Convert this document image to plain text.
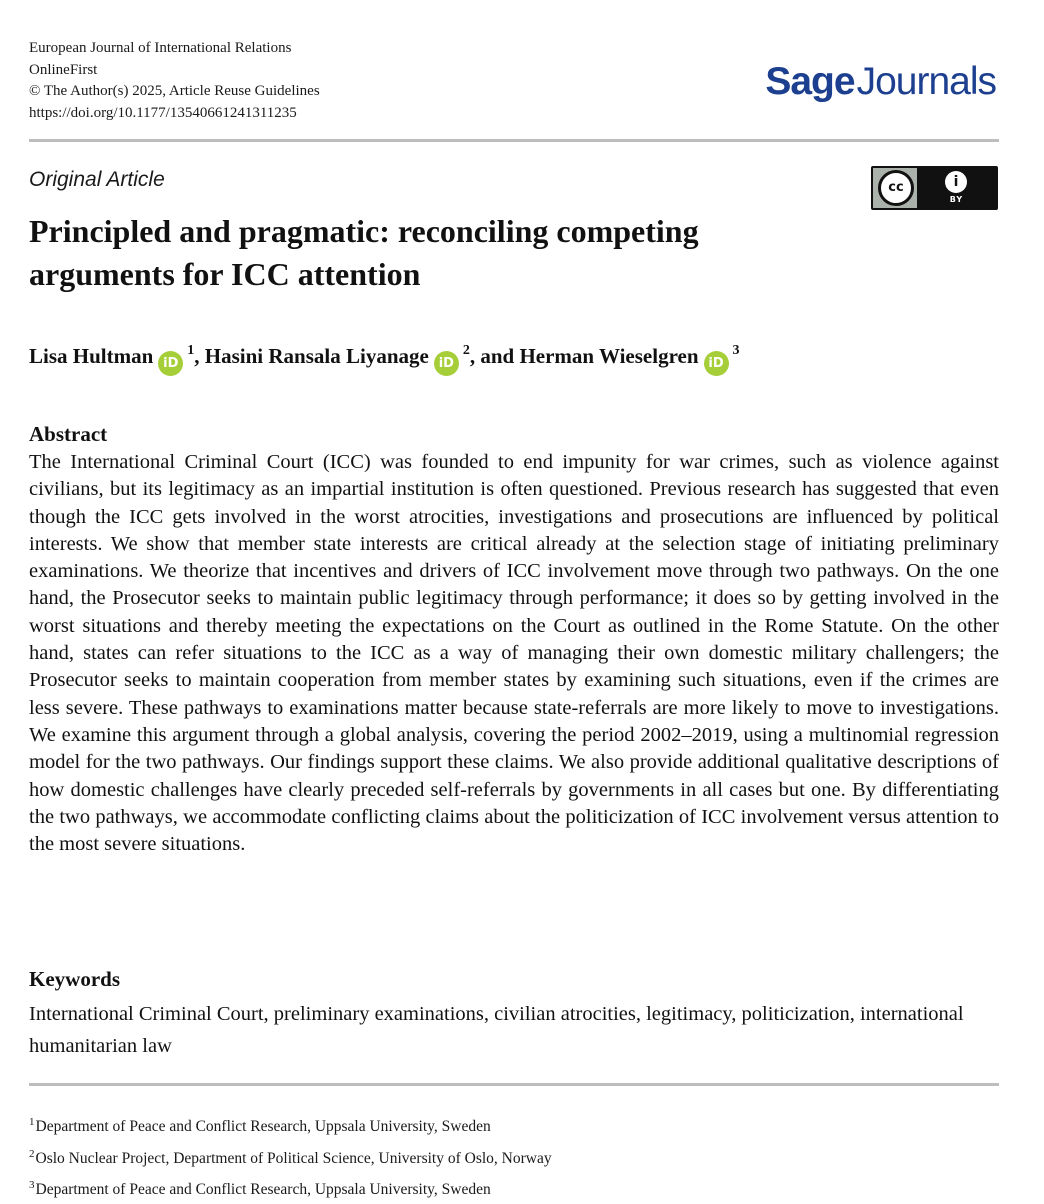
European Journal of International Relations
OnlineFirst
© The Author(s) 2025, Article Reuse Guidelines
https://doi.org/10.1177/13540661241311235
SageJournals
Original Article	cc	i
BY
Principled and pragmatic: reconciling competing arguments for ICC attention
Lisa Hultman $iD^1$, Hasini Ransala Liyanage $iD^2$, and Herman Wieselgren $iD^3$
Abstract
The International Criminal Court (ICC) was founded to end impunity for war crimes, such as violence against civilians, but its legitimacy as an impartial institution is often questioned. Previous research has suggested that even though the ICC gets involved in the worst atrocities, investigations and prosecutions are influenced by political interests. We show that member state interests are critical already at the selection stage of initiating preliminary examinations. We theorize that incentives and drivers of ICC involvement move through two pathways. On the one hand, the Prosecutor seeks to maintain public legitimacy through performance; it does so by getting involved in the worst situations and thereby meeting the expectations on the Court as outlined in the Rome Statute. On the other hand, states can refer situations to the ICC as a way of managing their own domestic military challengers; the Prosecutor seeks to maintain cooperation from member states by examining such situations, even if the crimes are less severe. These pathways to examinations matter because state-referrals are more likely to move to investigations. We examine this argument through a global analysis, covering the period 2002–2019, using a multinomial regression model for the two pathways. Our findings support these claims. We also provide additional qualitative descriptions of how domestic challenges have clearly preceded self-referrals by governments in all cases but one. By differentiating the two pathways, we accommodate conflicting claims about the politicization of ICC involvement versus attention to the most severe situations.
Keywords
International Criminal Court, preliminary examinations, civilian atrocities, legitimacy, politicization, international humanitarian law
$^1$Department of Peace and Conflict Research, Uppsala University, Sweden
$^2$Oslo Nuclear Project, Department of Political Science, University of Oslo, Norway
$^3$Department of Peace and Conflict Research, Uppsala University, Sweden
